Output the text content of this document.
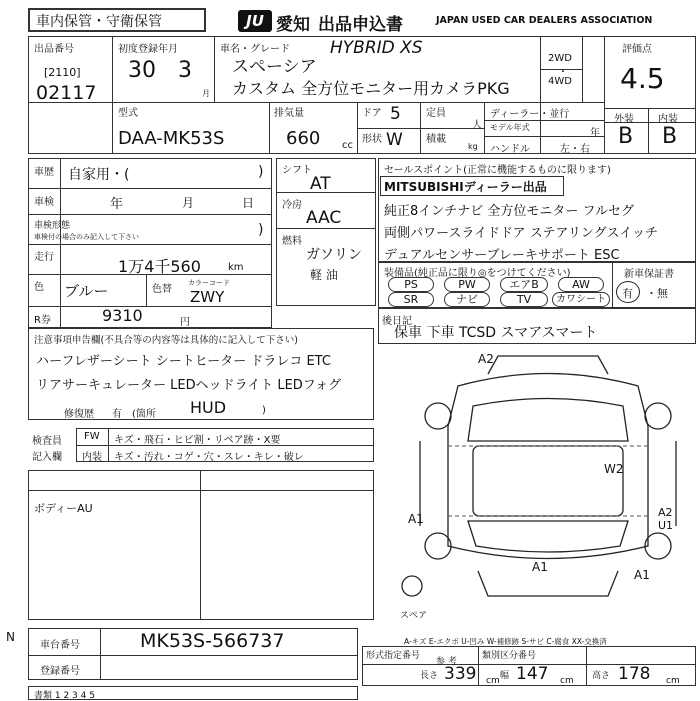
車内保管・守衛保管	JU 愛知 出品申込書	JAPAN USED CAR DEALERS ASSOCIATION
出品番号
[2110]
02117
初度登録年月
30 3
月
車名・グレード
スペーシア
HYBRID XS
カスタム 全方位モニター用カメラPKG
2WD
・
4WD
評価点
4.5
外装 内装
B B
型式
DAA-MK53S
排気量
660 cc
ドア 5
形状 W
定員
人
積載
kg
ディーラー・並行
モデル年式
年
ハンドル	左・右
車歴 自家用・(	)
車検	年	月	日
車検形態
車検付の場合のみ記入して下さい	)
走行	1万4千560	km
色 ブルー	色替
カラーコード
ZWY
R券	9310	円
シフト
AT
冷房
AAC
燃料
ガソリン
軽 油
セールスポイント(正常に機能するものに限ります)
MITSUBISHIディーラー出品
純正8インチナビ 全方位モニター フルセグ
両側パワースライドドア ステアリングスイッチ
デュアルセンサーブレーキサポート ESC
装備品(純正品に限り◎をつけてください)
PS	PW	エアB	AW
SR	ナビ	TV	カワシート
新車保証書
有 ・無
注意事項申告欄(不具合等の内容等は具体的に記入して下さい)
ハーフレザーシート シートヒーター ドラレコ ETC
リアサーキュレーター LEDヘッドライト LEDフォグ
修復歴 有 (箇所 HUD	)
後日記
保車 下車 TCSD スマアスマート
検査員
記入欄
FW キズ・飛石・ヒビ割・リペア跡・X要
内装 キズ・汚れ・コゲ・穴・スレ・キレ・破レ
ボディーAU
A2
W2
A1
A1
A2 U1
A1
スペア
A-キズ E-エクボ U-凹み W-補修跡 S-サビ C-腐食 XX-交換済
N
車台番号	MK53S-566737
登録番号
形式指定番号
参 考
類別区分番号
長さ 339 cm 幅 147 cm 高さ 178 cm
書類 1 2 3 4 5
